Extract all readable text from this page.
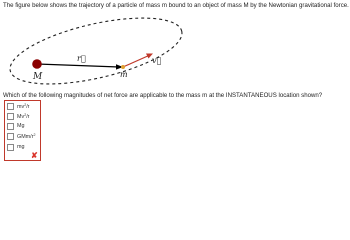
The figure below shows the trajectory of a particle of mass m bound to an object of mass M by the Newtonian gravitational force.
M	m
r⃗	v⃗
Which of the following magnitudes of net force are applicable to the mass m at the INSTANTANEOUS location shown?
$mv^2/r$
Mv$^2$/r
Mg
GMm/$r^2$
mg
✘
